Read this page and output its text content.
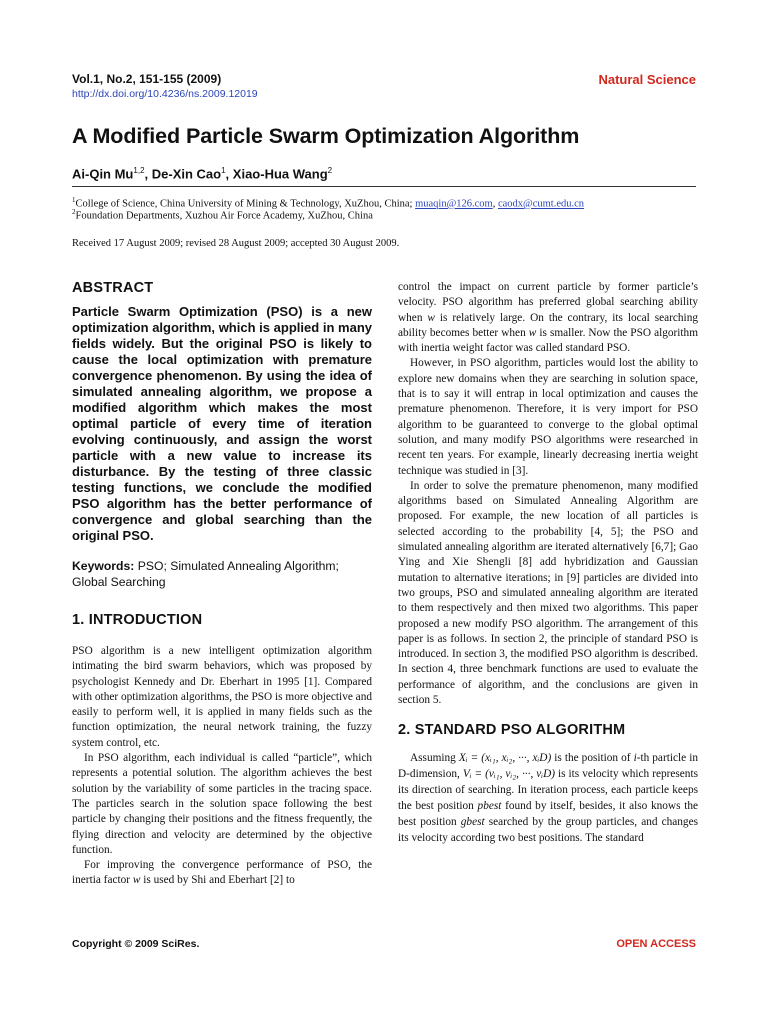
Vol.1, No.2, 151-155 (2009)
http://dx.doi.org/10.4236/ns.2009.12019
Natural Science
A Modified Particle Swarm Optimization Algorithm
Ai-Qin Mu$^{1,2}$, De-Xin Cao$^1$, Xiao-Hua Wang$^2$
$^1$College of Science, China University of Mining & Technology, XuZhou, China; muaqin@126.com, caodx@cumt.edu.cn
$^2$Foundation Departments, Xuzhou Air Force Academy, XuZhou, China
Received 17 August 2009; revised 28 August 2009; accepted 30 August 2009.
ABSTRACT

Particle Swarm Optimization (PSO) is a new optimization algorithm, which is applied in many fields widely. But the original PSO is likely to cause the local optimization with premature convergence phenomenon. By using the idea of simulated annealing algorithm, we propose a modified algorithm which makes the most optimal particle of every time of iteration evolving continuously, and assign the worst particle with a new value to increase its disturbance. By the testing of three classic testing functions, we conclude the modified PSO algorithm has the better performance of convergence and global searching than the original PSO.

Keywords: PSO; Simulated Annealing Algorithm; Global Searching
1. INTRODUCTION

PSO algorithm is a new intelligent optimization algorithm intimating the bird swarm behaviors, which was proposed by psychologist Kennedy and Dr. Eberhart in 1995 [1]. Compared with other optimization algorithms, the PSO is more objective and easily to perform well, it is applied in many fields such as the function optimization, the neural network training, the fuzzy system control, etc.

In PSO algorithm, each individual is called “particle”, which represents a potential solution. The algorithm achieves the best solution by the variability of some particles in the tracing space. The particles search in the solution space following the best particle by changing their positions and the fitness frequently, the flying direction and velocity are determined by the objective function.

For improving the convergence performance of PSO, the inertia factor w is used by Shi and Eberhart [2] to

control the impact on current particle by former particle’s velocity. PSO algorithm has preferred global searching ability when w is relatively large. On the contrary, its local searching ability becomes better when w is smaller. Now the PSO algorithm with inertia weight factor was called standard PSO.

However, in PSO algorithm, particles would lost the ability to explore new domains when they are searching in solution space, that is to say it will entrap in local optimization and causes the premature phenomenon. Therefore, it is very import for PSO algorithm to be guaranteed to converge to the global optimal solution, and many modify PSO algorithms were researched in recent ten years. For example, linearly decreasing inertia weight technique was studied in [3].

In order to solve the premature phenomenon, many modified algorithms based on Simulated Annealing Algorithm are proposed. For example, the new location of all particles is selected according to the probability [4, 5]; the PSO and simulated annealing algorithm are iterated alternatively [6,7]; Gao Ying and Xie Shengli [8] add hybridization and Gaussian mutation to alternative iterations; in [9] particles are divided into two groups, PSO and simulated annealing algorithm are iterated to them respectively and then mixed two algorithms. This paper proposed a new modify PSO algorithm. The arrangement of this paper is as follows. In section 2, the principle of standard PSO is introduced. In section 3, the modified PSO algorithm is described. In section 4, three benchmark functions are used to evaluate the performance of algorithm, and the conclusions are given in section 5.

2. STANDARD PSO ALGORITHM

Assuming Xᵢ = (xᵢ₁, xᵢ₂, ···, xᵢD) is the position of i-th particle in D-dimension, Vᵢ = (vᵢ₁, vᵢ₂, ···, vᵢD) is its velocity which represents its direction of searching. In iteration process, each particle keeps the best position pbest found by itself, besides, it also knows the best position gbest searched by the group particles, and changes its velocity according two best positions. The standard

Copyright © 2009 SciRes.	OPEN ACCESS
